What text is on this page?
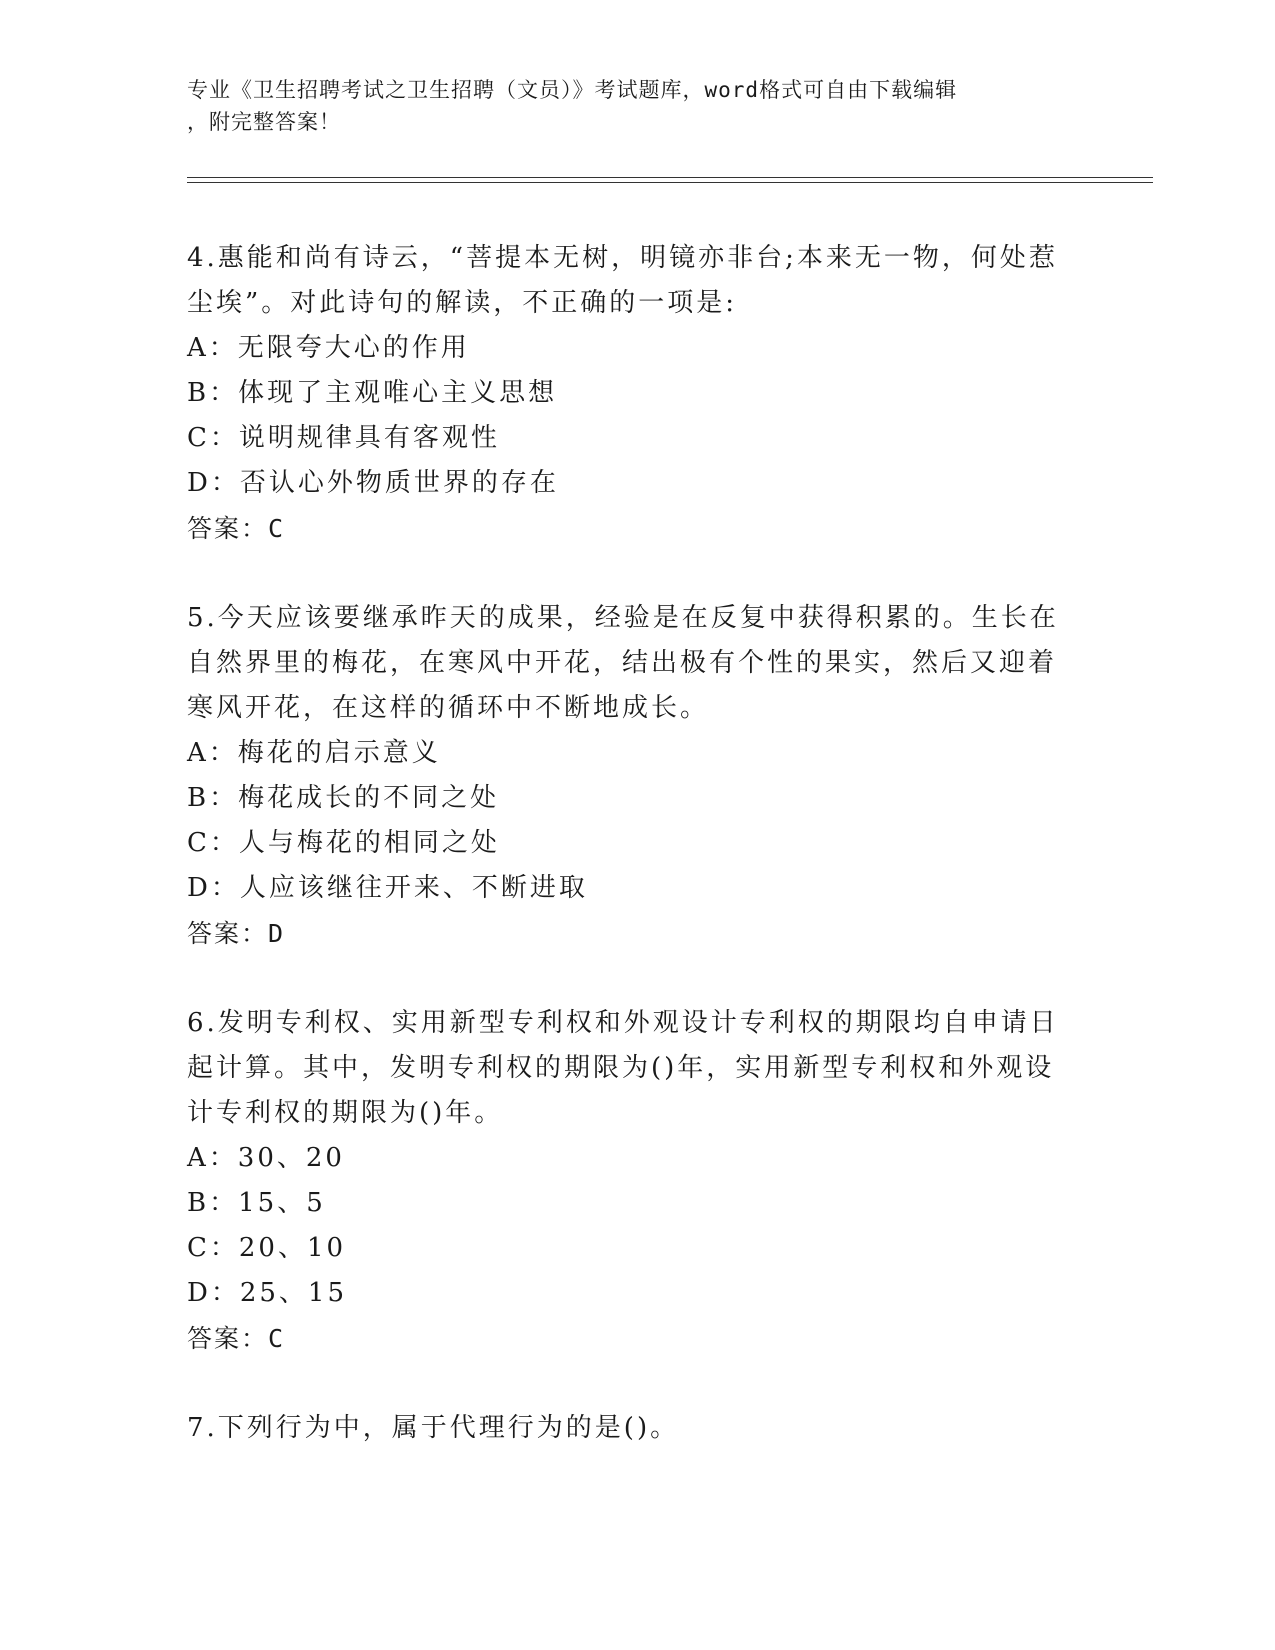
专业《卫生招聘考试之卫生招聘（文员）》考试题库，word格式可自由下载编辑

，附完整答案！

4.惠能和尚有诗云，“菩提本无树，明镜亦非台;本来无一物，何处惹

尘埃”。对此诗句的解读，不正确的一项是:

A：无限夸大心的作用

B：体现了主观唯心主义思想

C：说明规律具有客观性

D：否认心外物质世界的存在

答案：C

5.今天应该要继承昨天的成果，经验是在反复中获得积累的。生长在

自然界里的梅花，在寒风中开花，结出极有个性的果实，然后又迎着

寒风开花，在这样的循环中不断地成长。

A：梅花的启示意义

B：梅花成长的不同之处

C：人与梅花的相同之处

D：人应该继往开来、不断进取

答案：D

6.发明专利权、实用新型专利权和外观设计专利权的期限均自申请日

起计算。其中，发明专利权的期限为()年，实用新型专利权和外观设

计专利权的期限为()年。

A：30、20

B：15、5

C：20、10

D：25、15

答案：C

7.下列行为中，属于代理行为的是()。
